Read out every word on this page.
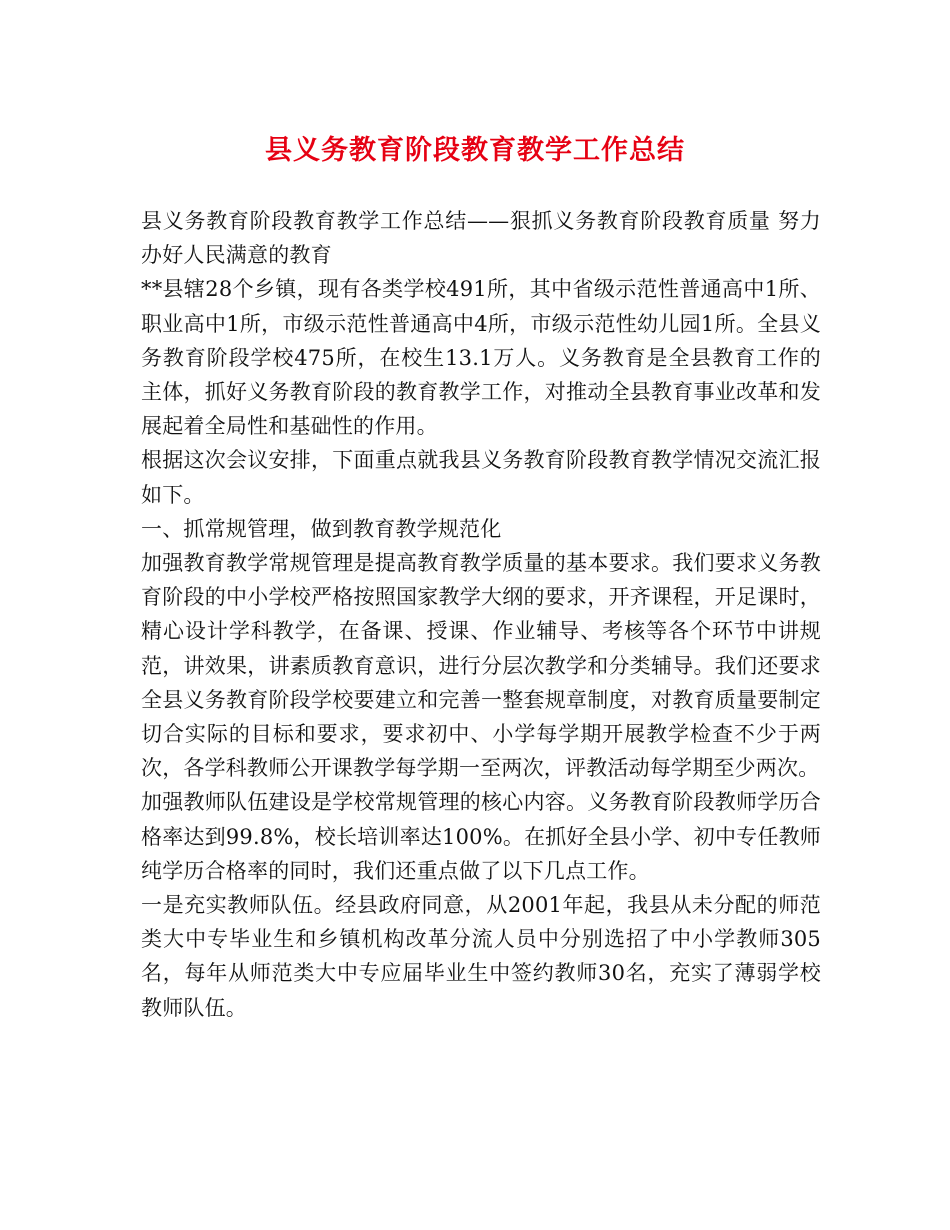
县义务教育阶段教育教学工作总结

县义务教育阶段教育教学工作总结——狠抓义务教育阶段教育质量 努力办好人民满意的教育

**县辖28个乡镇，现有各类学校491所，其中省级示范性普通高中1所、职业高中1所，市级示范性普通高中4所，市级示范性幼儿园1所。全县义务教育阶段学校475所，在校生13.1万人。义务教育是全县教育工作的主体，抓好义务教育阶段的教育教学工作，对推动全县教育事业改革和发展起着全局性和基础性的作用。

根据这次会议安排，下面重点就我县义务教育阶段教育教学情况交流汇报如下。

一、抓常规管理，做到教育教学规范化

加强教育教学常规管理是提高教育教学质量的基本要求。我们要求义务教育阶段的中小学校严格按照国家教学大纲的要求，开齐课程，开足课时，精心设计学科教学，在备课、授课、作业辅导、考核等各个环节中讲规范，讲效果，讲素质教育意识，进行分层次教学和分类辅导。我们还要求全县义务教育阶段学校要建立和完善一整套规章制度，对教育质量要制定切合实际的目标和要求，要求初中、小学每学期开展教学检查不少于两次，各学科教师公开课教学每学期一至两次，评教活动每学期至少两次。

加强教师队伍建设是学校常规管理的核心内容。义务教育阶段教师学历合格率达到99.8%，校长培训率达100%。在抓好全县小学、初中专任教师纯学历合格率的同时，我们还重点做了以下几点工作。

一是充实教师队伍。经县政府同意，从2001年起，我县从未分配的师范类大中专毕业生和乡镇机构改革分流人员中分别选招了中小学教师305名，每年从师范类大中专应届毕业生中签约教师30名，充实了薄弱学校教师队伍。
